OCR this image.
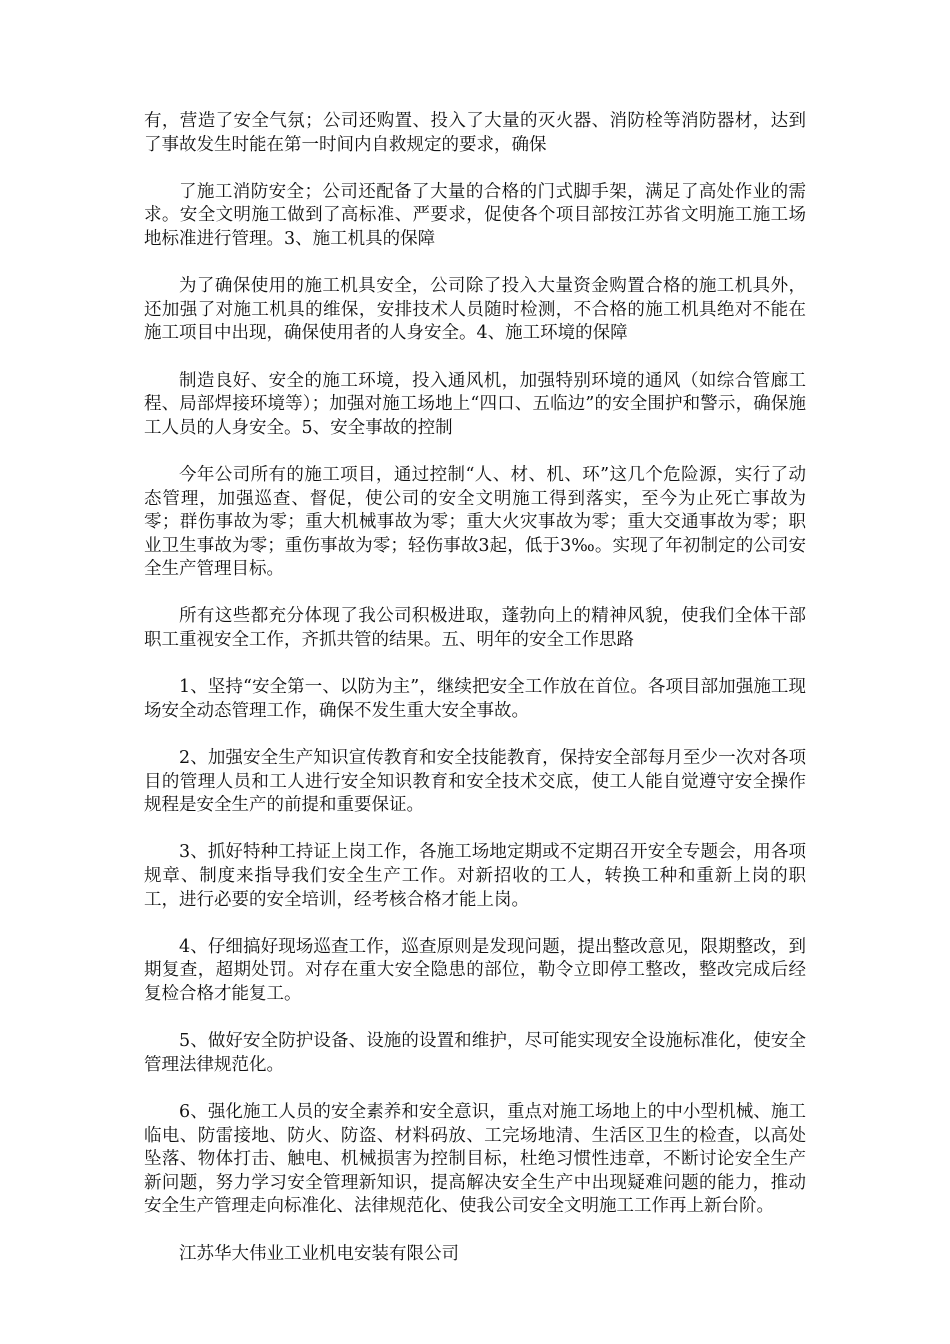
有，营造了安全气氛；公司还购置、投入了大量的灭火器、消防栓等消防器材，达到了事故发生时能在第一时间内自救规定的要求，确保

了施工消防安全；公司还配备了大量的合格的门式脚手架，满足了高处作业的需求。安全文明施工做到了高标准、严要求，促使各个项目部按江苏省文明施工施工场地标准进行管理。3、施工机具的保障

为了确保使用的施工机具安全，公司除了投入大量资金购置合格的施工机具外，还加强了对施工机具的维保，安排技术人员随时检测，不合格的施工机具绝对不能在施工项目中出现，确保使用者的人身安全。4、施工环境的保障

制造良好、安全的施工环境，投入通风机，加强特别环境的通风（如综合管廊工程、局部焊接环境等）；加强对施工场地上“四口、五临边”的安全围护和警示，确保施工人员的人身安全。5、安全事故的控制

今年公司所有的施工项目，通过控制“人、材、机、环”这几个危险源，实行了动态管理，加强巡查、督促，使公司的安全文明施工得到落实，至今为止死亡事故为零；群伤事故为零；重大机械事故为零；重大火灾事故为零；重大交通事故为零；职业卫生事故为零；重伤事故为零；轻伤事故3起，低于3‰。实现了年初制定的公司安全生产管理目标。

所有这些都充分体现了我公司积极进取，蓬勃向上的精神风貌，使我们全体干部职工重视安全工作，齐抓共管的结果。五、明年的安全工作思路

1、坚持“安全第一、以防为主”，继续把安全工作放在首位。各项目部加强施工现场安全动态管理工作，确保不发生重大安全事故。

2、加强安全生产知识宣传教育和安全技能教育，保持安全部每月至少一次对各项目的管理人员和工人进行安全知识教育和安全技术交底，使工人能自觉遵守安全操作规程是安全生产的前提和重要保证。

3、抓好特种工持证上岗工作，各施工场地定期或不定期召开安全专题会，用各项规章、制度来指导我们安全生产工作。对新招收的工人，转换工种和重新上岗的职工，进行必要的安全培训，经考核合格才能上岗。

4、仔细搞好现场巡查工作，巡查原则是发现问题，提出整改意见，限期整改，到期复查，超期处罚。对存在重大安全隐患的部位，勒令立即停工整改，整改完成后经复检合格才能复工。

5、做好安全防护设备、设施的设置和维护，尽可能实现安全设施标准化，使安全管理法律规范化。

6、强化施工人员的安全素养和安全意识，重点对施工场地上的中小型机械、施工临电、防雷接地、防火、防盗、材料码放、工完场地清、生活区卫生的检查，以高处坠落、物体打击、触电、机械损害为控制目标，杜绝习惯性违章，不断讨论安全生产新问题，努力学习安全管理新知识，提高解决安全生产中出现疑难问题的能力，推动安全生产管理走向标准化、法律规范化、使我公司安全文明施工工作再上新台阶。

江苏华大伟业工业机电安装有限公司
